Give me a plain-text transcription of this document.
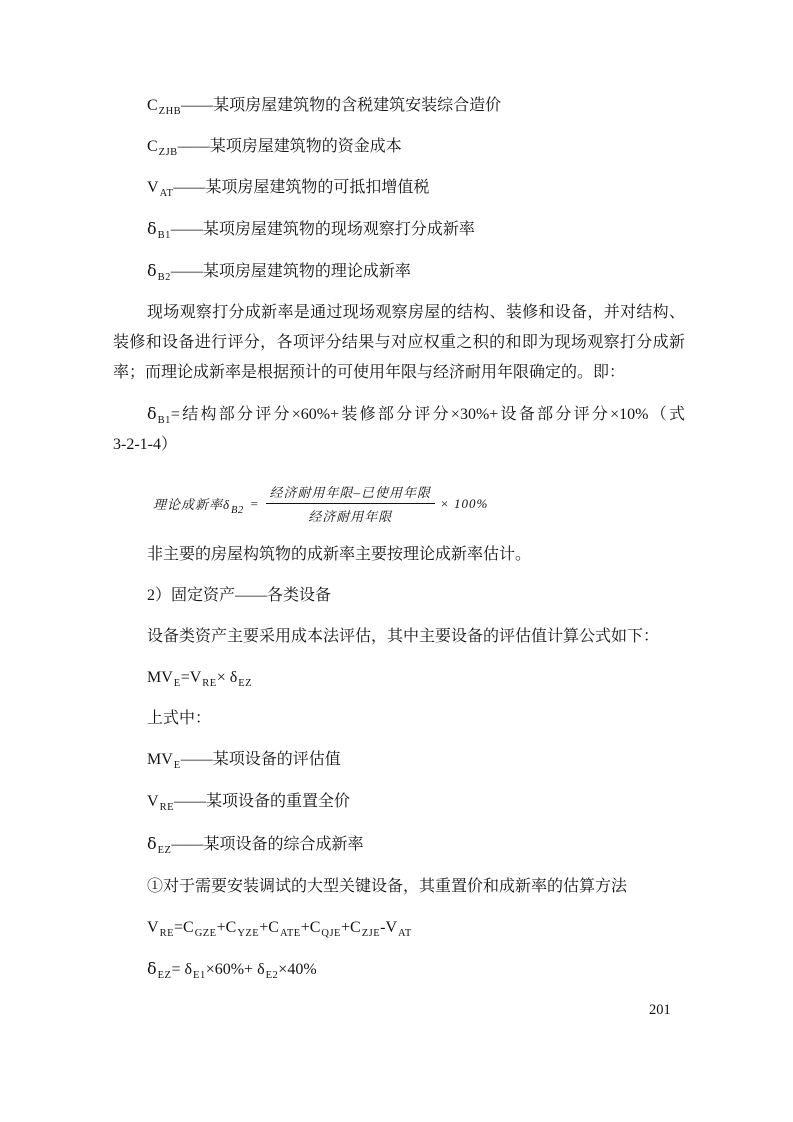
$C_{ZHB}——$某项房屋建筑物的含税建筑安装综合造价

$C_{ZJB}——$某项房屋建筑物的资金成本

$V_{AT}——$某项房屋建筑物的可抵扣增值税

$\delta_{B1}——$某项房屋建筑物的现场观察打分成新率

$\delta_{B2}——$某项房屋建筑物的理论成新率

现场观察打分成新率是通过现场观察房屋的结构、装修和设备，并对结构、装修和设备进行评分，各项评分结果与对应权重之积的和即为现场观察打分成新率；而理论成新率是根据预计的可使用年限与经济耐用年限确定的。即：

$\delta_{B1}=$结构部分评分×60%+装修部分评分×30%+设备部分评分×10%（式3-2-1-4）

理论成新率$\delta_{B2} = \frac{\text{经济耐用年限–已使用年限}}{\text{经济耐用年限}} \times 100\%$

非主要的房屋构筑物的成新率主要按理论成新率估计。

2）固定资产——各类设备

设备类资产主要采用成本法评估，其中主要设备的评估值计算公式如下：

$MV_E=V_{RE}\times \delta_{EZ}$

上式中：

$MV_E——$某项设备的评估值

$V_{RE}——$某项设备的重置全价

$\delta_{EZ}——$某项设备的综合成新率

①对于需要安装调试的大型关键设备，其重置价和成新率的估算方法

$V_{RE}=C_{GZE}+C_{YZE}+C_{ATE}+C_{QJE}+C_{ZJE}-V_{AT}$

$\delta_{EZ}= \delta_{E1}\times 60\%+ \delta_{E2}\times 40\%$

201
